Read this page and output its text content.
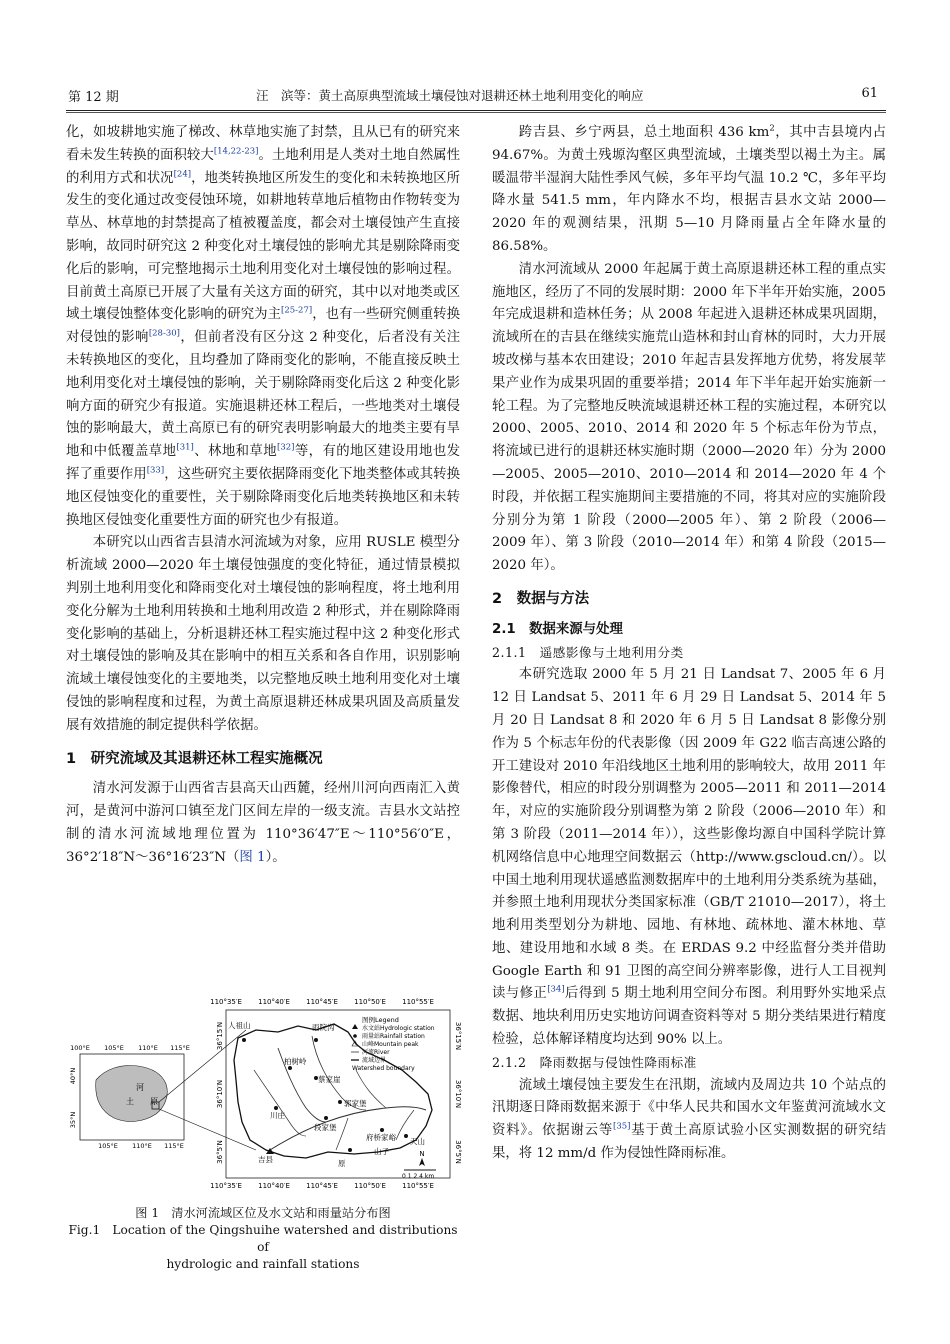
第 12 期	汪　滨等：黄土高原典型流域土壤侵蚀对退耕还林土地利用变化的响应	61

化，如坡耕地实施了梯改、林草地实施了封禁，且从已有的研究来看未发生转换的面积较大[14,22-23]。土地利用是人类对土地自然属性的利用方式和状况[24]，地类转换地区所发生的变化和未转换地区所发生的变化通过改变侵蚀环境，如耕地转草地后植物由作物转变为草丛、林草地的封禁提高了植被覆盖度，都会对土壤侵蚀产生直接影响，故同时研究这 2 种变化对土壤侵蚀的影响尤其是剔除降雨变化后的影响，可完整地揭示土地利用变化对土壤侵蚀的影响过程。目前黄土高原已开展了大量有关这方面的研究，其中以对地类或区域土壤侵蚀整体变化影响的研究为主[25-27]，也有一些研究侧重转换对侵蚀的影响[28-30]，但前者没有区分这 2 种变化，后者没有关注未转换地区的变化，且均叠加了降雨变化的影响，不能直接反映土地利用变化对土壤侵蚀的影响，关于剔除降雨变化后这 2 种变化影响方面的研究少有报道。实施退耕还林工程后，一些地类对土壤侵蚀的影响最大，黄土高原已有的研究表明影响最大的地类主要有旱地和中低覆盖草地[31]、林地和草地[32]等，有的地区建设用地也发挥了重要作用[33]，这些研究主要依据降雨变化下地类整体或其转换地区侵蚀变化的重要性，关于剔除降雨变化后地类转换地区和未转换地区侵蚀变化重要性方面的研究也少有报道。

本研究以山西省吉县清水河流域为对象，应用 RUSLE 模型分析流域 2000—2020 年土壤侵蚀强度的变化特征，通过情景模拟判别土地利用变化和降雨变化对土壤侵蚀的影响程度，将土地利用变化分解为土地利用转换和土地利用改造 2 种形式，并在剔除降雨变化影响的基础上，分析退耕还林工程实施过程中这 2 种变化形式对土壤侵蚀的影响及其在影响中的相互关系和各自作用，识别影响流域土壤侵蚀变化的主要地类，以完整地反映土地利用变化对土壤侵蚀的影响程度和过程，为黄土高原退耕还林成果巩固及高质量发展有效措施的制定提供科学依据。

1　研究流域及其退耕还林工程实施概况

清水河发源于山西省吉县高天山西麓，经州川河向西南汇入黄河，是黄河中游河口镇至龙门区间左岸的一级支流。吉县水文站控制的清水河流域地理位置为 110°36′47″E～110°56′0″E，36°2′18″N～36°16′23″N（图 1）。

110°35′E 110°40′E 110°45′E 110°50′E 110°55′E
110°35′E 110°40′E 110°45′E 110°50′E 110°55′E
36°15′N
36°10′N
36°5′N
36°15′N
36°10′N
36°5′N
人祖山	雨院沟
柏树岭
蔡家崖
川庄
郭家堡
段家堡
府桥家峪
吉县	原
山子
天山
图例Legend
水文站Hydrologic station
雨量站Rainfall station
山峰Mountain peak
河流River
流域边界
Watershed boundary
N
0 1 2 4 km
100°E 105°E 110°E 115°E
105°E 110°E 115°E
40°N
35°N
河
土 原
图 1　清水河流域区位及水文站和雨量站分布图
Fig.1　Location of the Qingshuihe watershed and distributions of
hydrologic and rainfall stations

跨吉县、乡宁两县，总土地面积 436 $km^2$，其中吉县境内占 94.67%。为黄土残塬沟壑区典型流域，土壤类型以褐土为主。属暖温带半湿润大陆性季风气候，多年平均气温 10.2 ℃，多年平均降水量 541.5 mm，年内降水不均，根据吉县水文站 2000—2020 年的观测结果，汛期 5—10 月降雨量占全年降水量的 86.58%。

清水河流域从 2000 年起属于黄土高原退耕还林工程的重点实施地区，经历了不同的发展时期：2000 年下半年开始实施，2005 年完成退耕和造林任务；从 2008 年起进入退耕还林成果巩固期，流域所在的吉县在继续实施荒山造林和封山育林的同时，大力开展坡改梯与基本农田建设；2010 年起吉县发挥地方优势，将发展苹果产业作为成果巩固的重要举措；2014 年下半年起开始实施新一轮工程。为了完整地反映流域退耕还林工程的实施过程，本研究以 2000、2005、2010、2014 和 2020 年 5 个标志年份为节点，将流域已进行的退耕还林实施时期（2000—2020 年）分为 2000—2005、2005—2010、2010—2014 和 2014—2020 年 4 个时段，并依据工程实施期间主要措施的不同，将其对应的实施阶段分别分为第 1 阶段（2000—2005 年）、第 2 阶段（2006—2009 年）、第 3 阶段（2010—2014 年）和第 4 阶段（2015—2020 年）。

2　数据与方法
2.1　数据来源与处理
2.1.1　遥感影像与土地利用分类

本研究选取 2000 年 5 月 21 日 Landsat 7、2005 年 6 月 12 日 Landsat 5、2011 年 6 月 29 日 Landsat 5、2014 年 5 月 20 日 Landsat 8 和 2020 年 6 月 5 日 Landsat 8 影像分别作为 5 个标志年份的代表影像（因 2009 年 G22 临吉高速公路的开工建设对 2010 年沿线地区土地利用的影响较大，故用 2011 年影像替代，相应的时段分别调整为 2005—2011 和 2011—2014 年，对应的实施阶段分别调整为第 2 阶段（2006—2010 年）和第 3 阶段（2011—2014 年）），这些影像均源自中国科学院计算机网络信息中心地理空间数据云（http://www.gscloud.cn/）。以中国土地利用现状遥感监测数据库中的土地利用分类系统为基础，并参照土地利用现状分类国家标准（GB/T 21010—2017），将土地利用类型划分为耕地、园地、有林地、疏林地、灌木林地、草地、建设用地和水域 8 类。在 ERDAS 9.2 中经监督分类并借助 Google Earth 和 91 卫图的高空间分辨率影像，进行人工目视判读与修正[34]后得到 5 期土地利用空间分布图。利用野外实地采点数据、地块利用历史实地访问调查资料等对 5 期分类结果进行精度检验，总体解译精度均达到 90% 以上。

2.1.2　降雨数据与侵蚀性降雨标准

流域土壤侵蚀主要发生在汛期，流域内及周边共 10 个站点的汛期逐日降雨数据来源于《中华人民共和国水文年鉴黄河流域水文资料》。依据谢云等[35]基于黄土高原试验小区实测数据的研究结果，将 12 mm/d 作为侵蚀性降雨标准。
